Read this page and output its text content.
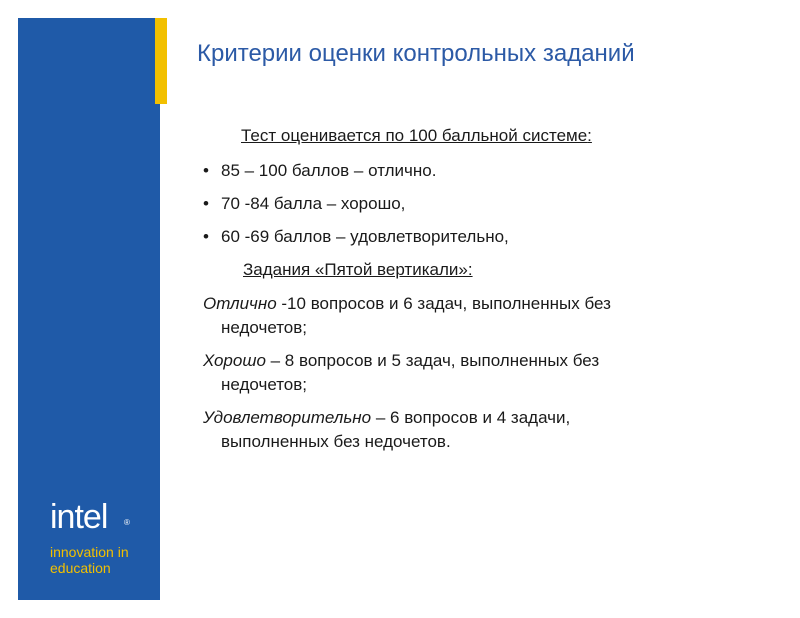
intel ®
innovation in
education
Критерии оценки контрольных заданий
Тест оценивается по 100 балльной системе:
• 85 – 100 баллов – отлично.
• 70 -84 балла – хорошо,
• 60 -69 баллов – удовлетворительно,
Задания «Пятой вертикали»:
Отлично -10 вопросов и 6 задач, выполненных без
недочетов;
Хорошо – 8 вопросов и 5 задач, выполненных без
недочетов;
Удовлетворительно – 6 вопросов и 4 задачи,
выполненных без недочетов.
